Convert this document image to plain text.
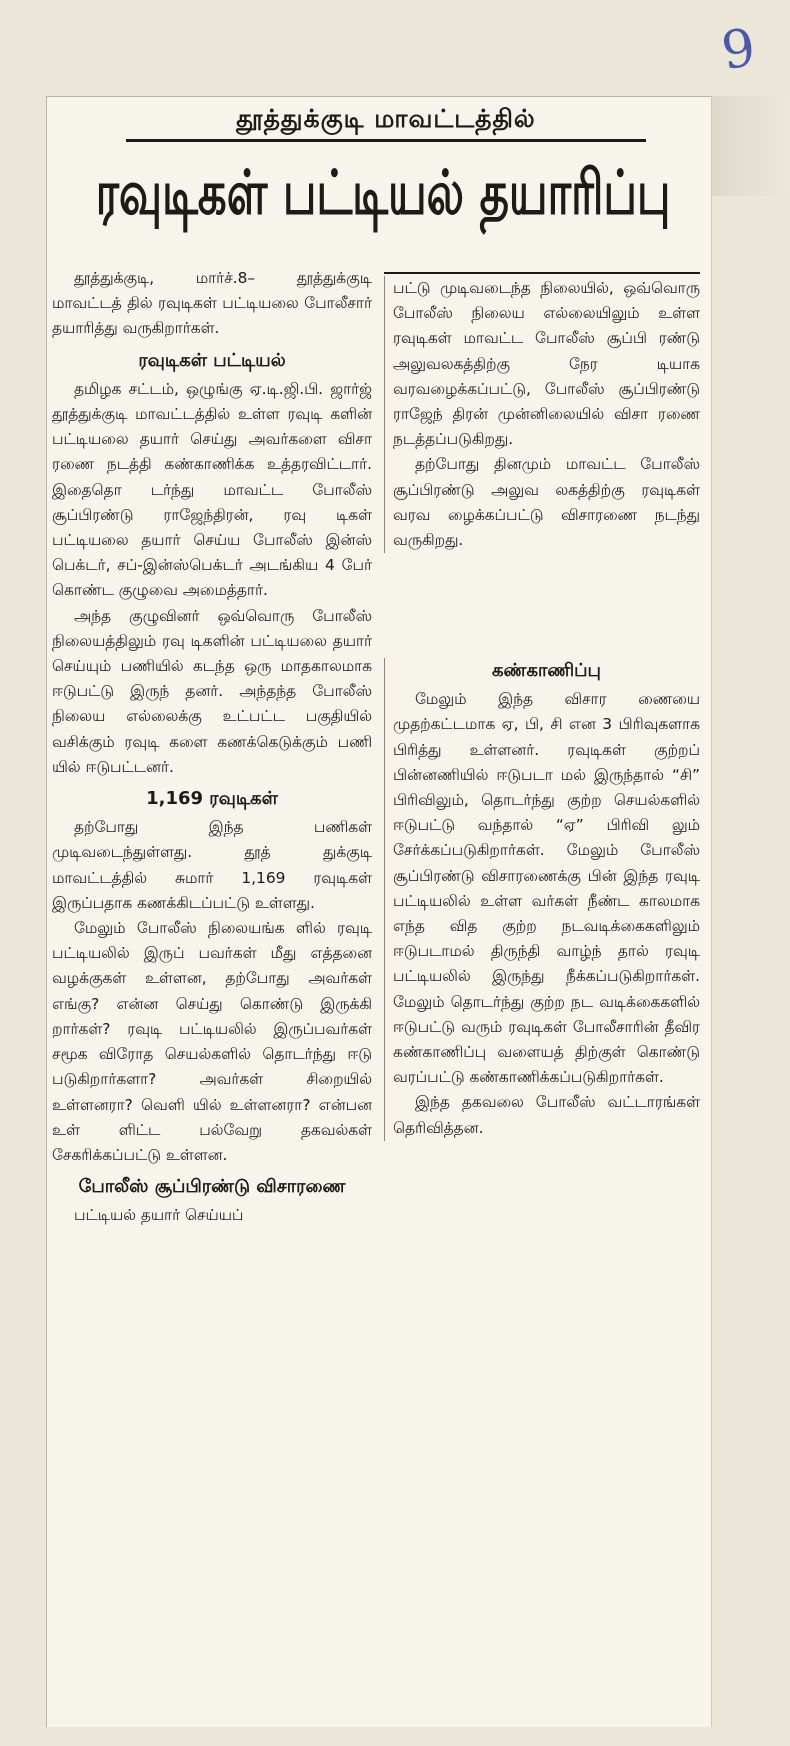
9
தூத்துக்குடி மாவட்டத்தில்
ரவுடிகள் பட்டியல் தயாரிப்பு

தூத்துக்குடி, மார்ச்.8– தூத்துக்குடி மாவட்டத் தில் ரவுடிகள் பட்டியலை போலீசார் தயாரித்து வருகிறார்கள்.

ரவுடிகள் பட்டியல்

தமிழக சட்டம், ஒழுங்கு ஏ.டி.ஜி.பி. ஜார்ஜ் தூத்துக்குடி மாவட்டத்தில் உள்ள ரவுடி களின் பட்டியலை தயார் செய்து அவர்களை விசா ரணை நடத்தி கண்காணிக்க உத்தரவிட்டார். இதைதொ டர்ந்து மாவட்ட போலீஸ் சூப்பிரண்டு ராஜேந்திரன், ரவு டிகள் பட்டியலை தயார் செய்ய போலீஸ் இன்ஸ் பெக்டர், சப்-இன்ஸ்பெக்டர் அடங்கிய 4 பேர் கொண்ட குழுவை அமைத்தார்.

அந்த குழுவினர் ஒவ்வொரு போலீஸ் நிலையத்திலும் ரவு டிகளின் பட்டியலை தயார் செய்யும் பணியில் கடந்த ஒரு மாதகாலமாக ஈடுபட்டு இருந் தனர். அந்தந்த போலீஸ் நிலைய எல்லைக்கு உட்பட்ட பகுதியில் வசிக்கும் ரவுடி களை கணக்கெடுக்கும் பணி யில் ஈடுபட்டனர்.

1,169 ரவுடிகள்

தற்போது இந்த பணிகள் முடிவடைந்துள்ளது. தூத் துக்குடி மாவட்டத்தில் சுமார் 1,169 ரவுடிகள் இருப்பதாக கணக்கிடப்பட்டு உள்ளது.

மேலும் போலீஸ் நிலையங்க ளில் ரவுடி பட்டியலில் இருப் பவர்கள் மீது எத்தனை வழக்குகள் உள்ளன, தற்போது அவர்கள் எங்கு? என்ன செய்து கொண்டு இருக்கி றார்கள்? ரவுடி பட்டியலில் இருப்பவர்கள் சமூக விரோத செயல்களில் தொடர்ந்து ஈடு படுகிறார்களா? அவர்கள் சிறையில் உள்ளனரா? வெளி யில் உள்ளனரா? என்பன உள் ளிட்ட பல்வேறு தகவல்கள் சேகரிக்கப்பட்டு உள்ளன.

போலீஸ் சூப்பிரண்டு விசாரணை

பட்டியல் தயார் செய்யப்

பட்டு முடிவடைந்த நிலையில், ஒவ்வொரு போலீஸ் நிலைய எல்லையிலும் உள்ள ரவுடிகள் மாவட்ட போலீஸ் சூப்பி ரண்டு அலுவலகத்திற்கு நேர டியாக வரவழைக்கப்பட்டு, போலீஸ் சூப்பிரண்டு ராஜேந் திரன் முன்னிலையில் விசா ரணை நடத்தப்படுகிறது.

தற்போது தினமும் மாவட்ட போலீஸ் சூப்பிரண்டு அலுவ லகத்திற்கு ரவுடிகள் வரவ ழைக்கப்பட்டு விசாரணை நடந்து வருகிறது.

கண்காணிப்பு

மேலும் இந்த விசார ணையை முதற்கட்டமாக ஏ, பி, சி என 3 பிரிவுகளாக பிரித்து உள்ளனர். ரவுடிகள் குற்றப் பின்னணியில் ஈடுபடா மல் இருந்தால் “சி” பிரிவிலும், தொடர்ந்து குற்ற செயல்களில் ஈடுபட்டு வந்தால் “ஏ” பிரிவி லும் சேர்க்கப்படுகிறார்கள். மேலும் போலீஸ் சூப்பிரண்டு விசாரணைக்கு பின் இந்த ரவுடி பட்டியலில் உள்ள வர்கள் நீண்ட காலமாக எந்த வித குற்ற நடவடிக்கைகளிலும் ஈடுபடாமல் திருந்தி வாழ்ந் தால் ரவுடி பட்டியலில் இருந்து நீக்கப்படுகிறார்கள். மேலும் தொடர்ந்து குற்ற நட வடிக்கைகளில் ஈடுபட்டு வரும் ரவுடிகள் போலீசாரின் தீவிர கண்காணிப்பு வளையத் திற்குள் கொண்டு வரப்பட்டு கண்காணிக்கப்படுகிறார்கள்.

இந்த தகவலை போலீஸ் வட்டாரங்கள் தெரிவித்தன.
